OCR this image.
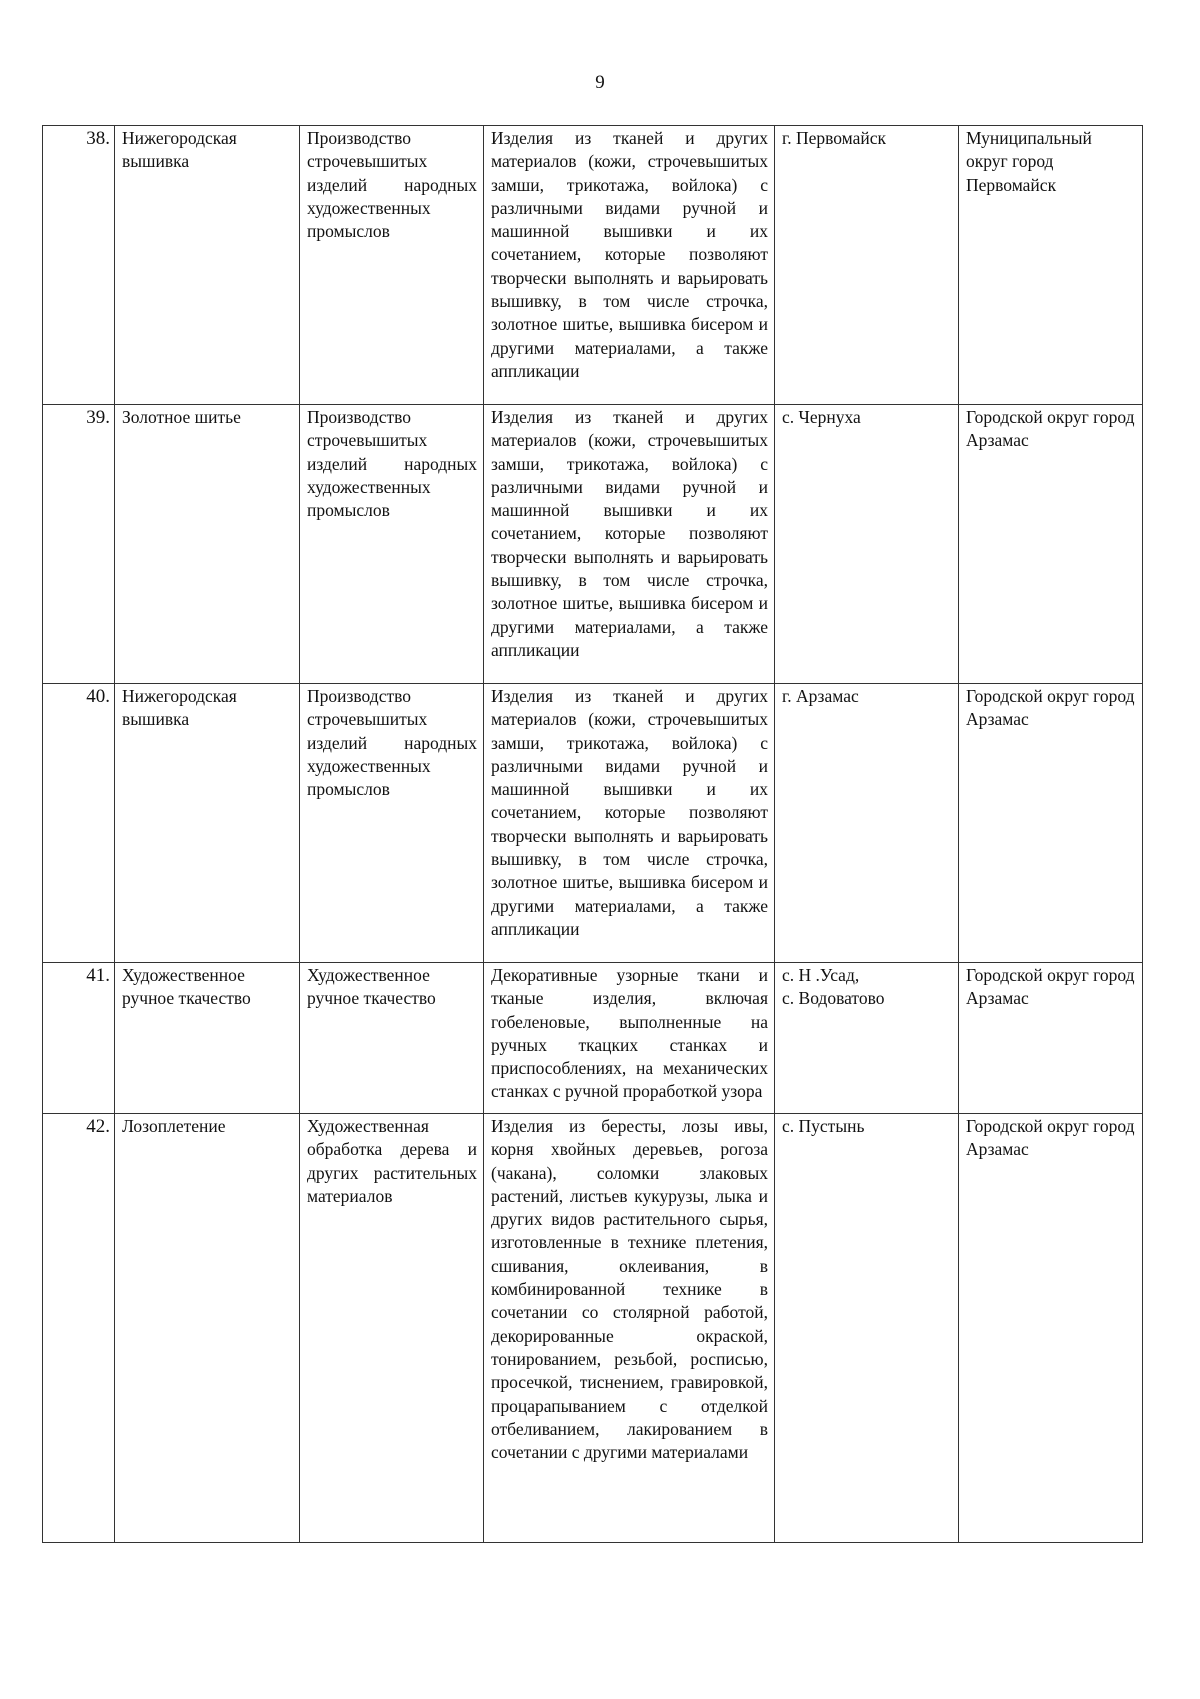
9
38.	Нижегородская вышивка	Производство строчевышитых изделий народных художественных промыслов	Изделия из тканей и других материалов (кожи, строчевышитых замши, трикотажа, войлока) с различными видами ручной и машинной вышивки и их сочетанием, которые позволяют творчески выполнять и варьировать вышивку, в том числе строчка, золотное шитье, вышивка бисером и другими материалами, а также аппликации	г. Первомайск	Муниципальный округ город Первомайск
39.	Золотное шитье	Производство строчевышитых изделий народных художественных промыслов	Изделия из тканей и других материалов (кожи, строчевышитых замши, трикотажа, войлока) с различными видами ручной и машинной вышивки и их сочетанием, которые позволяют творчески выполнять и варьировать вышивку, в том числе строчка, золотное шитье, вышивка бисером и другими материалами, а также аппликации	с. Чернуха	Городской округ город Арзамас
40.	Нижегородская вышивка	Производство строчевышитых изделий народных художественных промыслов	Изделия из тканей и других материалов (кожи, строчевышитых замши, трикотажа, войлока) с различными видами ручной и машинной вышивки и их сочетанием, которые позволяют творчески выполнять и варьировать вышивку, в том числе строчка, золотное шитье, вышивка бисером и другими материалами, а также аппликации	г. Арзамас	Городской округ город Арзамас
41.	Художественное ручное ткачество	Художественное ручное ткачество	Декоративные узорные ткани и тканые изделия, включая гобеленовые, выполненные на ручных ткацких станках и приспособлениях, на механических станках с ручной проработкой узора	с. Н .Усад,
с. Водоватово	Городской округ город Арзамас
42.	Лозоплетение	Художественная обработка дерева и других растительных материалов	Изделия из бересты, лозы ивы, корня хвойных деревьев, рогоза (чакана), соломки злаковых растений, листьев кукурузы, лыка и других видов растительного сырья, изготовленные в технике плетения, сшивания, оклеивания, в комбинированной технике в сочетании со столярной работой, декорированные окраской, тонированием, резьбой, росписью, просечкой, тиснением, гравировкой, процарапыванием с отделкой отбеливанием, лакированием в сочетании с другими материалами	с. Пустынь	Городской округ город Арзамас
